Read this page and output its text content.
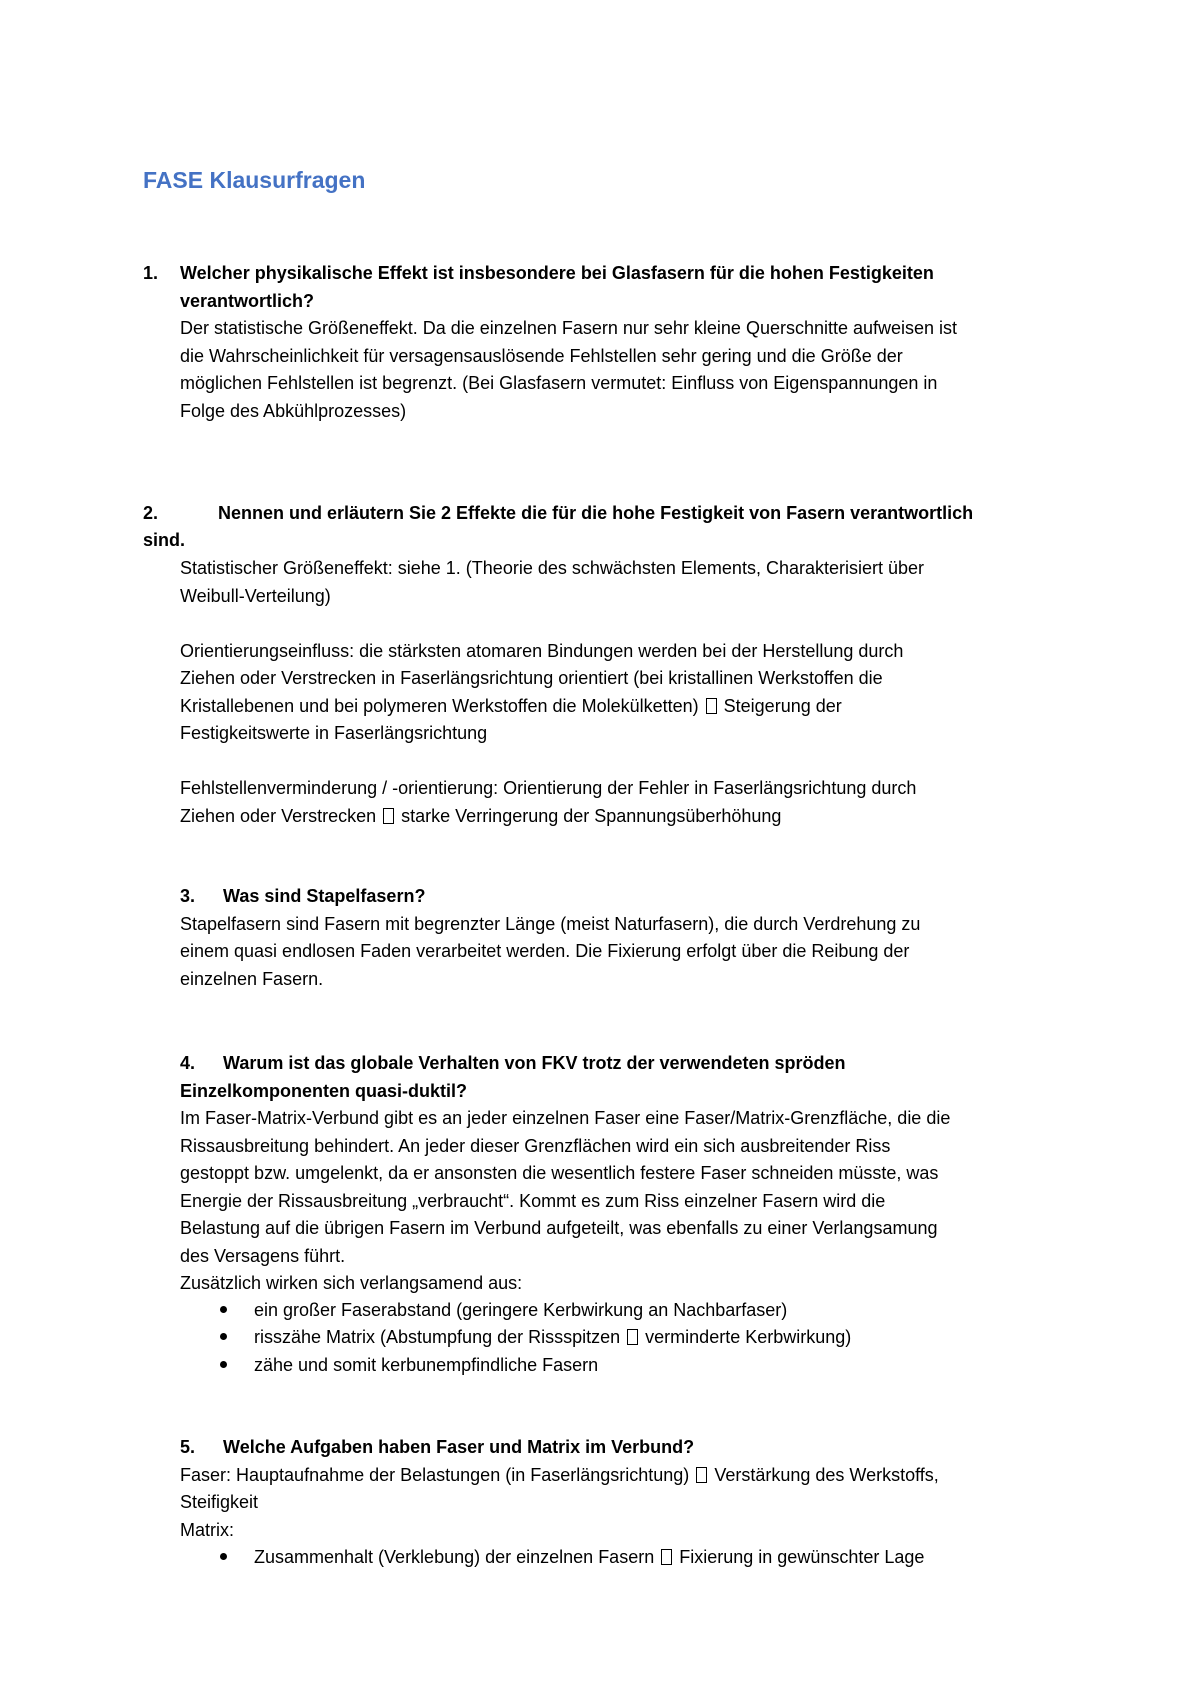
FASE Klausurfragen
1. Welcher physikalische Effekt ist insbesondere bei Glasfasern für die hohen Festigkeiten
verantwortlich?
Der statistische Größeneffekt. Da die einzelnen Fasern nur sehr kleine Querschnitte aufweisen ist
die Wahrscheinlichkeit für versagensauslösende Fehlstellen sehr gering und die Größe der
möglichen Fehlstellen ist begrenzt. (Bei Glasfasern vermutet: Einfluss von Eigenspannungen in
Folge des Abkühlprozesses)
2.	Nennen und erläutern Sie 2 Effekte die für die hohe Festigkeit von Fasern verantwortlich
sind.
Statistischer Größeneffekt: siehe 1. (Theorie des schwächsten Elements, Charakterisiert über
Weibull-Verteilung)
Orientierungseinfluss: die stärksten atomaren Bindungen werden bei der Herstellung durch
Ziehen oder Verstrecken in Faserlängsrichtung orientiert (bei kristallinen Werkstoffen die
Kristallebenen und bei polymeren Werkstoffen die Molekülketten) Steigerung der
Festigkeitswerte in Faserlängsrichtung
Fehlstellenverminderung / -orientierung: Orientierung der Fehler in Faserlängsrichtung durch
Ziehen oder Verstrecken starke Verringerung der Spannungsüberhöhung
3. Was sind Stapelfasern?
Stapelfasern sind Fasern mit begrenzter Länge (meist Naturfasern), die durch Verdrehung zu
einem quasi endlosen Faden verarbeitet werden. Die Fixierung erfolgt über die Reibung der
einzelnen Fasern.
4. Warum ist das globale Verhalten von FKV trotz der verwendeten spröden
Einzelkomponenten quasi-duktil?
Im Faser-Matrix-Verbund gibt es an jeder einzelnen Faser eine Faser/Matrix-Grenzfläche, die die
Rissausbreitung behindert. An jeder dieser Grenzflächen wird ein sich ausbreitender Riss
gestoppt bzw. umgelenkt, da er ansonsten die wesentlich festere Faser schneiden müsste, was
Energie der Rissausbreitung „verbraucht“. Kommt es zum Riss einzelner Fasern wird die
Belastung auf die übrigen Fasern im Verbund aufgeteilt, was ebenfalls zu einer Verlangsamung
des Versagens führt.
Zusätzlich wirken sich verlangsamend aus:
ein großer Faserabstand (geringere Kerbwirkung an Nachbarfaser)
risszähe Matrix (Abstumpfung der Rissspitzen verminderte Kerbwirkung)
zähe und somit kerbunempfindliche Fasern
5. Welche Aufgaben haben Faser und Matrix im Verbund?
Faser: Hauptaufnahme der Belastungen (in Faserlängsrichtung) Verstärkung des Werkstoffs,
Steifigkeit
Matrix:
Zusammenhalt (Verklebung) der einzelnen Fasern Fixierung in gewünschter Lage
